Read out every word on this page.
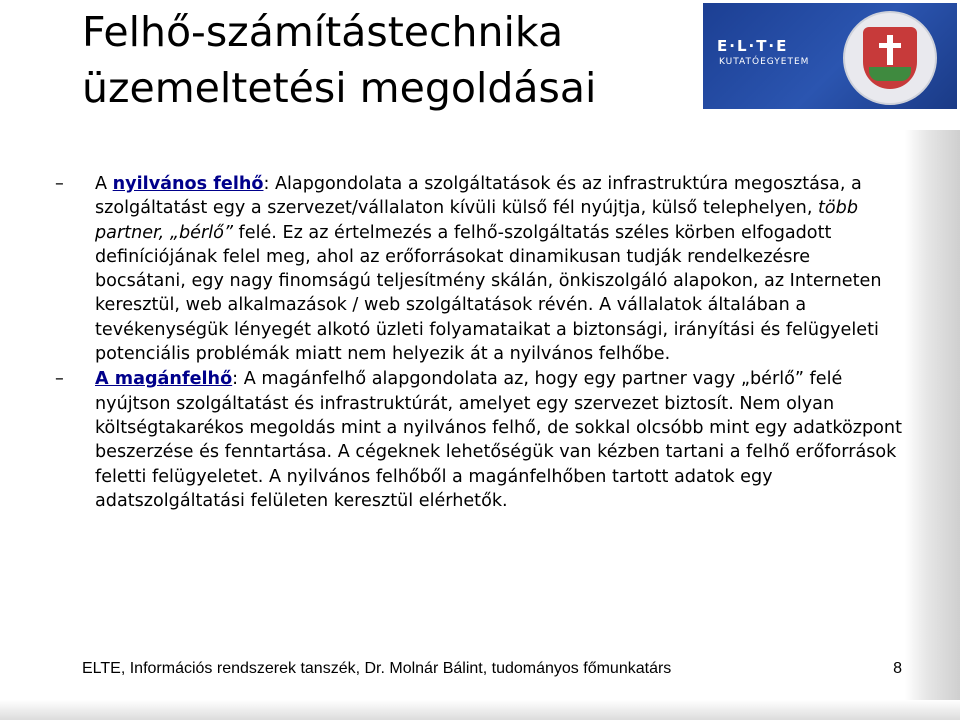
Felhő-számítástechnika
üzemeltetési megoldásai
E·L·T·E
KUTATÓEGYETEM

– A nyilvános felhő: Alapgondolata a szolgáltatások és az infrastruktúra megosztása, a szolgáltatást egy a szervezet/vállalaton kívüli külső fél nyújtja, külső telephelyen, több partner, „bérlő” felé. Ez az értelmezés a felhő-szolgáltatás széles körben elfogadott definíciójának felel meg, ahol az erőforrásokat dinamikusan tudják rendelkezésre bocsátani, egy nagy finomságú teljesítmény skálán, önkiszolgáló alapokon, az Interneten keresztül, web alkalmazások / web szolgáltatások révén. A vállalatok általában a tevékenységük lényegét alkotó üzleti folyamataikat a biztonsági, irányítási és felügyeleti potenciális problémák miatt nem helyezik át a nyilvános felhőbe.

– A magánfelhő: A magánfelhő alapgondolata az, hogy egy partner vagy „bérlő” felé nyújtson szolgáltatást és infrastruktúrát, amelyet egy szervezet biztosít. Nem olyan költségtakarékos megoldás mint a nyilvános felhő, de sokkal olcsóbb mint egy adatközpont beszerzése és fenntartása. A cégeknek lehetőségük van kézben tartani a felhő erőforrások feletti felügyeletet. A nyilvános felhőből a magánfelhőben tartott adatok egy adatszolgáltatási felületen keresztül elérhetők.

ELTE, Információs rendszerek tanszék, Dr. Molnár Bálint, tudományos főmunkatárs	8
